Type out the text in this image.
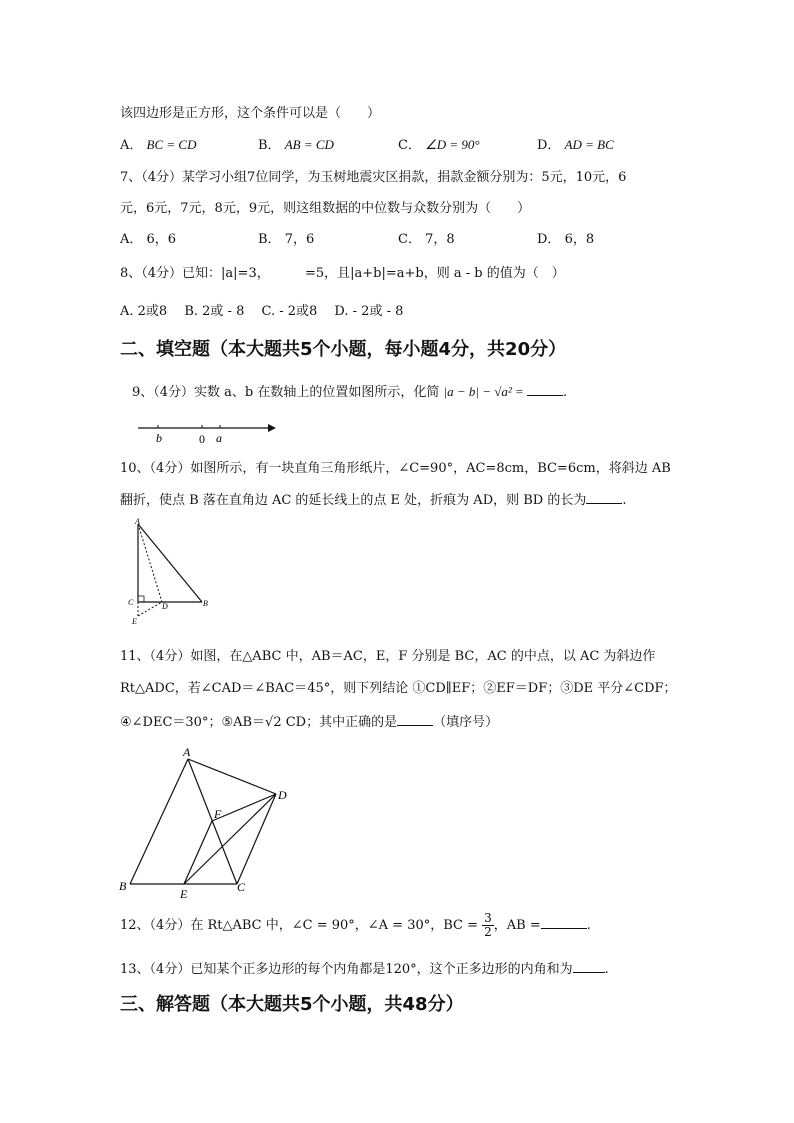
该四边形是正方形，这个条件可以是（　　）
A． BC = CD	B． AB = CD	C． ∠D = 90°	D． AD = BC
7、（4分）某学习小组7位同学，为玉树地震灾区捐款，捐款金额分别为：5元，10元，6
元，6元，7元，8元，9元，则这组数据的中位数与众数分别为（　　）
A． 6，6	B． 7，6	C． 7，8	D． 6，8
8、（4分）已知：|a|=3，	=5，且|a+b|=a+b，则 a - b 的值为（　）
A. 2或8　 B. 2或 - 8　 C. - 2或8　 D. - 2或 - 8
二、填空题（本大题共5个小题，每小题4分，共20分）
9、（4分）实数 a、b 在数轴上的位置如图所示，化简 |a − b| − √a² =	.
b	0 a
10、（4分）如图所示，有一块直角三角形纸片，∠C=90°，AC=8cm，BC=6cm，将斜边 AB
翻折，使点 B 落在直角边 AC 的延长线上的点 E 处，折痕为 AD，则 BD 的长为	.
A
C	D	B
E
11、（4分）如图，在△ABC 中，AB＝AC，E，F 分别是 BC，AC 的中点，以 AC 为斜边作
Rt△ADC，若∠CAD＝∠BAC＝45°，则下列结论 ①CD∥EF；②EF＝DF；③DE 平分∠CDF；
④∠DEC＝30°；⑤AB＝√2 CD；其中正确的是	（填序号）
A
B	C
D
E
F
12、（4分）在 Rt△ABC 中，∠C = 90°，∠A = 30°，BC = $\frac{3}{2}$ ，AB =	.
13、（4分）已知某个正多边形的每个内角都是120°，这个正多边形的内角和为 .
三、解答题（本大题共5个小题，共48分）
